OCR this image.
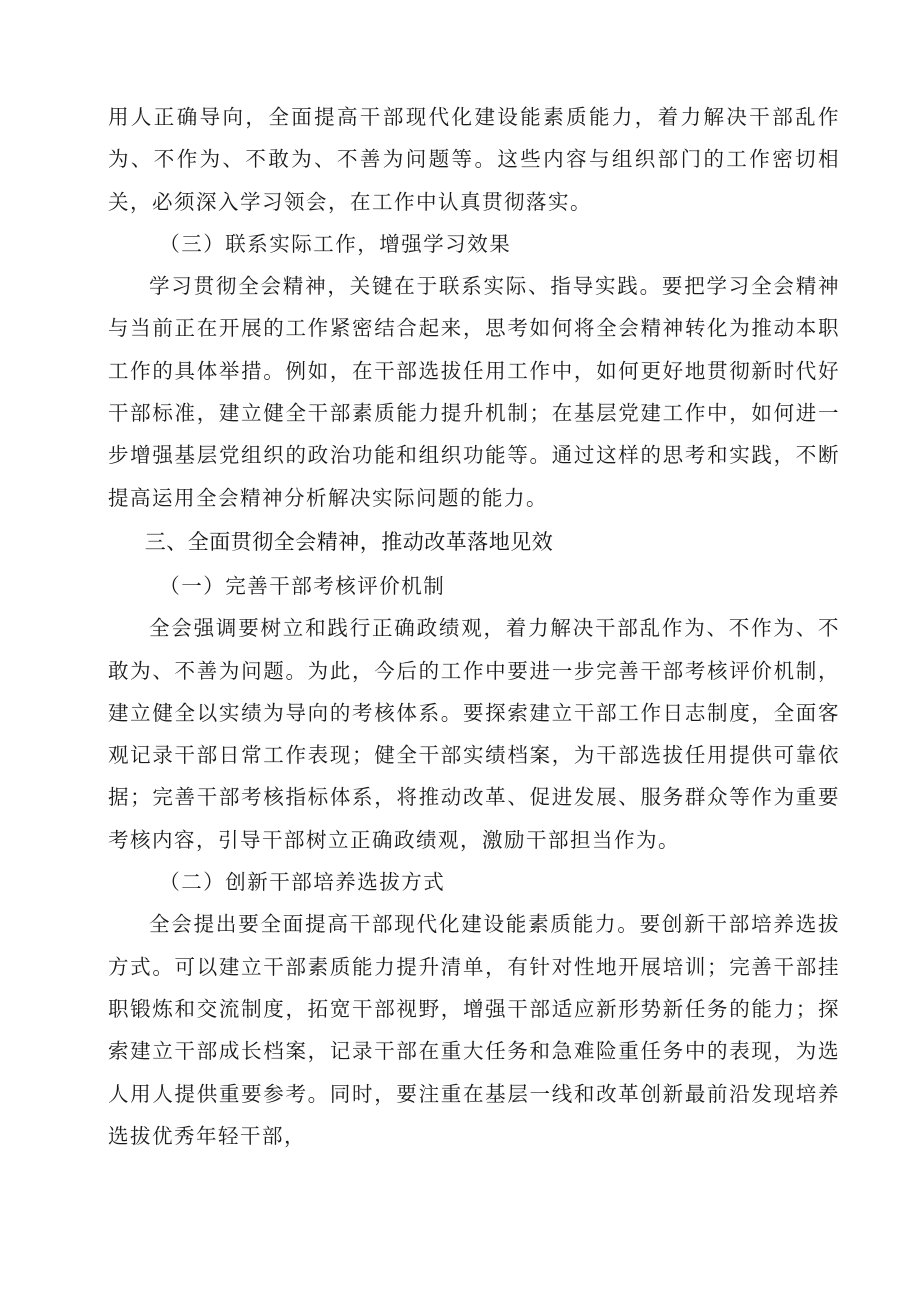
用人正确导向，全面提高干部现代化建设能素质能力，着力解决干部乱作为、不作为、不敢为、不善为问题等。这些内容与组织部门的工作密切相关，必须深入学习领会，在工作中认真贯彻落实。

（三）联系实际工作，增强学习效果

学习贯彻全会精神，关键在于联系实际、指导实践。要把学习全会精神与当前正在开展的工作紧密结合起来，思考如何将全会精神转化为推动本职工作的具体举措。例如，在干部选拔任用工作中，如何更好地贯彻新时代好干部标准，建立健全干部素质能力提升机制；在基层党建工作中，如何进一步增强基层党组织的政治功能和组织功能等。通过这样的思考和实践，不断提高运用全会精神分析解决实际问题的能力。

三、全面贯彻全会精神，推动改革落地见效

（一）完善干部考核评价机制

全会强调要树立和践行正确政绩观，着力解决干部乱作为、不作为、不敢为、不善为问题。为此，今后的工作中要进一步完善干部考核评价机制，建立健全以实绩为导向的考核体系。要探索建立干部工作日志制度，全面客观记录干部日常工作表现；健全干部实绩档案，为干部选拔任用提供可靠依据；完善干部考核指标体系，将推动改革、促进发展、服务群众等作为重要考核内容，引导干部树立正确政绩观，激励干部担当作为。

（二）创新干部培养选拔方式

全会提出要全面提高干部现代化建设能素质能力。要创新干部培养选拔方式。可以建立干部素质能力提升清单，有针对性地开展培训；完善干部挂职锻炼和交流制度，拓宽干部视野，增强干部适应新形势新任务的能力；探索建立干部成长档案，记录干部在重大任务和急难险重任务中的表现，为选人用人提供重要参考。同时，要注重在基层一线和改革创新最前沿发现培养选拔优秀年轻干部，
